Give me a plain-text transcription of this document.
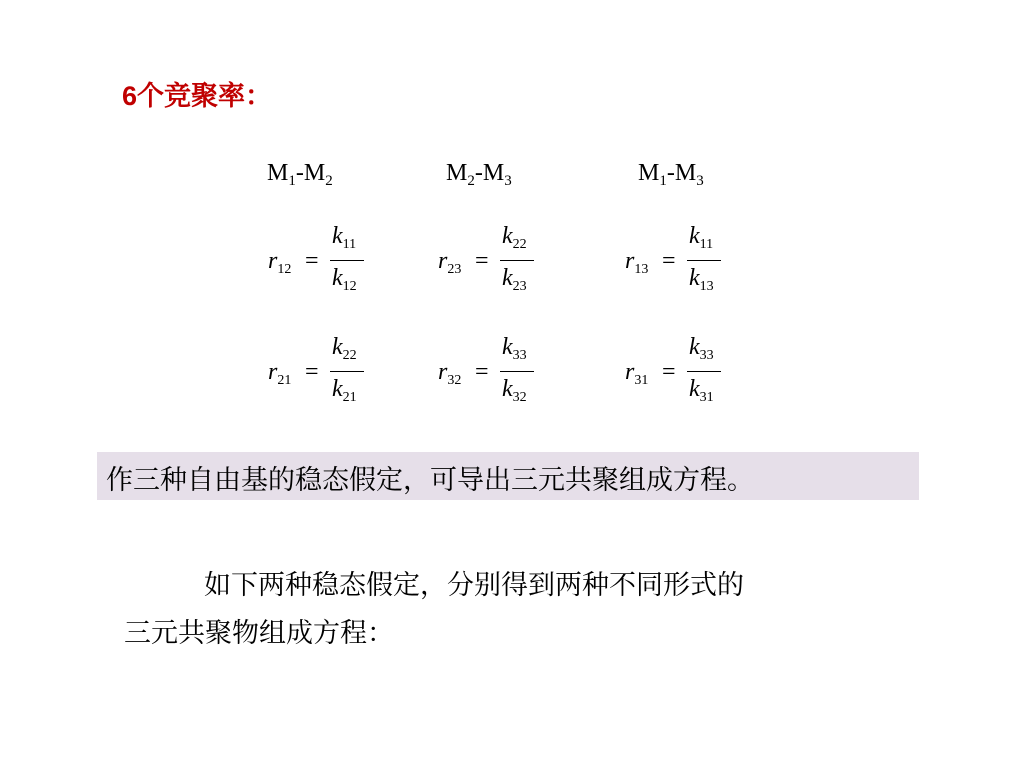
6个竞聚率：
$M_1-M_2$	$M_2-M_3$	$M_1-M_3$
$r_{12}$ =
$k_{11}$
$k_{12}$
$r_{23}$ =
$k_{22}$
$k_{23}$
$r_{13}$ =
$k_{11}$
$k_{13}$
$r_{21}$ =
$k_{22}$
$k_{21}$
$r_{32}$ =
$k_{33}$
$k_{32}$
$r_{31}$ =
$k_{33}$
$k_{31}$
作三种自由基的稳态假定，可导出三元共聚组成方程。
如下两种稳态假定，分别得到两种不同形式的
三元共聚物组成方程：
